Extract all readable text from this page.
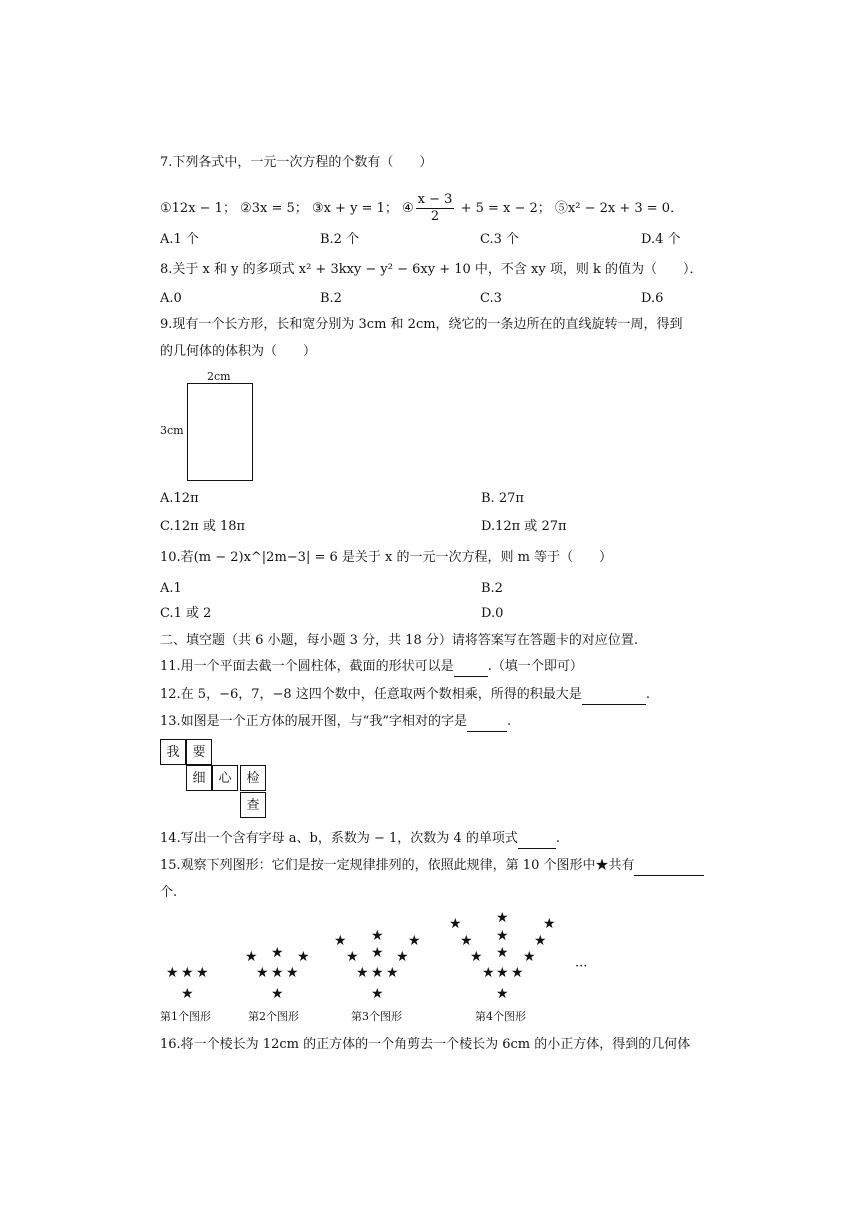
7.下列各式中，一元一次方程的个数有（　　）
①12x − 1； ②3x = 5； ③x + y = 1； ④ $\frac{x - 3}{2} + 5 = x - 2$； ⑤x² − 2x + 3 = 0．
A.1 个	B.2 个	C.3 个	D.4 个
8.关于 x 和 y 的多项式 x² + 3kxy − y² − 6xy + 10 中，不含 xy 项，则 k 的值为（　　）．
A.0	B.2	C.3	D.6
9.现有一个长方形，长和宽分别为 3cm 和 2cm，绕它的一条边所在的直线旋转一周，得到
的几何体的体积为（　　）
2cm
3cm
A.12π	B. 27π
C.12π 或 18π	D.12π 或 27π
10.若(m − 2)x^|2m−3| = 6 是关于 x 的一元一次方程，则 m 等于（　　）
A.1	B.2
C.1 或 2	D.0
二、填空题（共 6 小题，每小题 3 分，共 18 分）请将答案写在答题卡的对应位置.
11.用一个平面去截一个圆柱体，截面的形状可以是	.（填一个即可）
12.在 5，−6，7，−8 这四个数中，任意取两个数相乘，所得的积最大是	.
13.如图是一个正方体的展开图，与“我”字相对的字是	.
我 要
细 心	检
查
14.写出一个含有字母 a、b，系数为 − 1，次数为 4 的单项式	.
15.观察下列图形：它们是按一定规律排列的，依照此规律，第 10 个图形中★共有
个.
★ ★ ★
★
★ ★ ★
★ ★ ★
★
★ ★ ★
★ ★ ★
★ ★ ★
★
★ ★ ★
★ ★ ★
★ ★ ★
★ ★ ★
★
第1个图形	第2个图形	第3个图形	第4个图形
···
16.将一个棱长为 12cm 的正方体的一个角剪去一个棱长为 6cm 的小正方体，得到的几何体
